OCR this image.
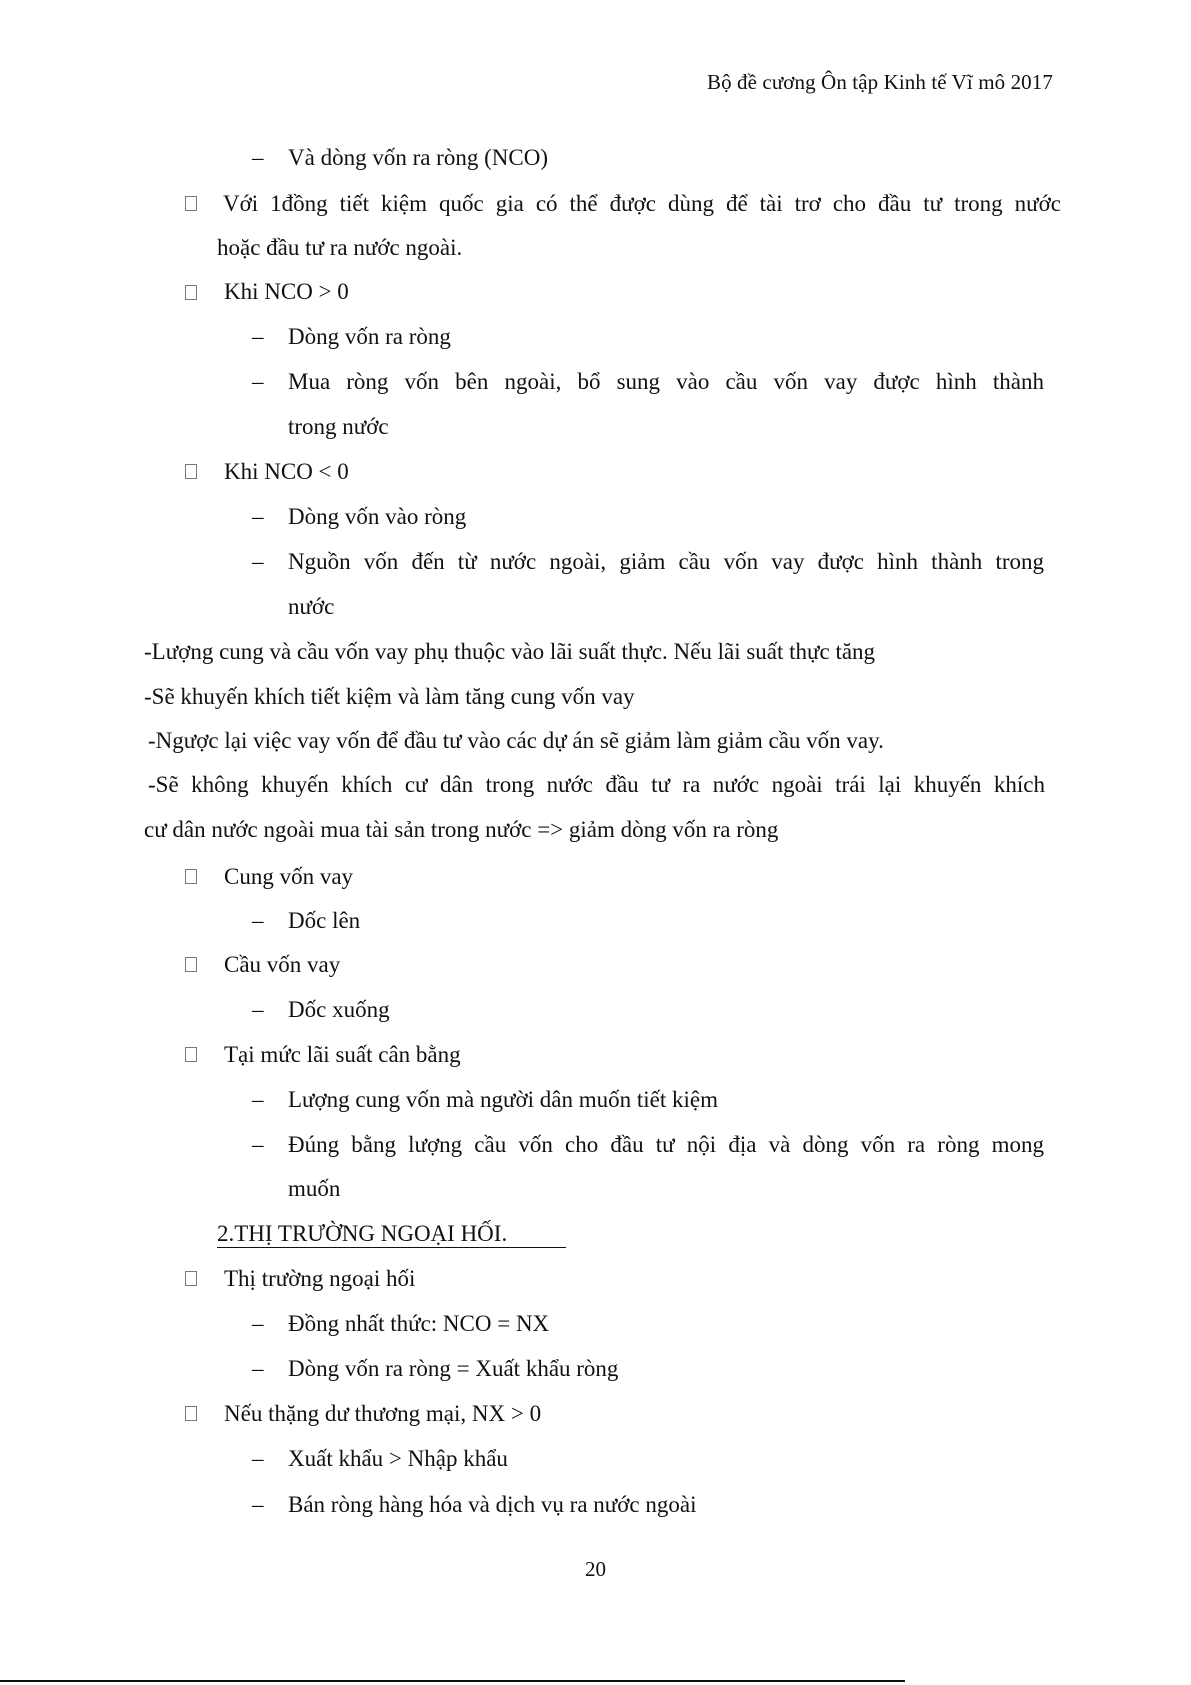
Bộ đề cương Ôn tập Kinh tế Vĩ mô 2017
– Và dòng vốn ra ròng (NCO)
Với 1đồng tiết kiệm quốc gia có thể được dùng để tài trơ cho đầu tư trong nước
hoặc đầu tư ra nước ngoài.
Khi NCO > 0
– Dòng vốn ra ròng
– Mua ròng vốn bên ngoài, bổ sung vào cầu vốn vay được hình thành
trong nước
Khi NCO < 0
– Dòng vốn vào ròng
– Nguồn vốn đến từ nước ngoài, giảm cầu vốn vay được hình thành trong
nước
-Lượng cung và cầu vốn vay phụ thuộc vào lãi suất thực. Nếu lãi suất thực tăng
-Sẽ khuyến khích tiết kiệm và làm tăng cung vốn vay
-Ngược lại việc vay vốn để đầu tư vào các dự án sẽ giảm làm giảm cầu vốn vay.
-Sẽ không khuyến khích cư dân trong nước đầu tư ra nước ngoài trái lại khuyến khích
cư dân nước ngoài mua tài sản trong nước => giảm dòng vốn ra ròng
Cung vốn vay
– Dốc lên
Cầu vốn vay
– Dốc xuống
Tại mức lãi suất cân bằng
– Lượng cung vốn mà người dân muốn tiết kiệm
– Đúng bằng lượng cầu vốn cho đầu tư nội địa và dòng vốn ra ròng mong
muốn
2.THỊ TRƯỜNG NGOẠI HỐI.
Thị trường ngoại hối
– Đồng nhất thức: NCO = NX
– Dòng vốn ra ròng = Xuất khẩu ròng
Nếu thặng dư thương mại, NX > 0
– Xuất khẩu > Nhập khẩu
– Bán ròng hàng hóa và dịch vụ ra nước ngoài
20
